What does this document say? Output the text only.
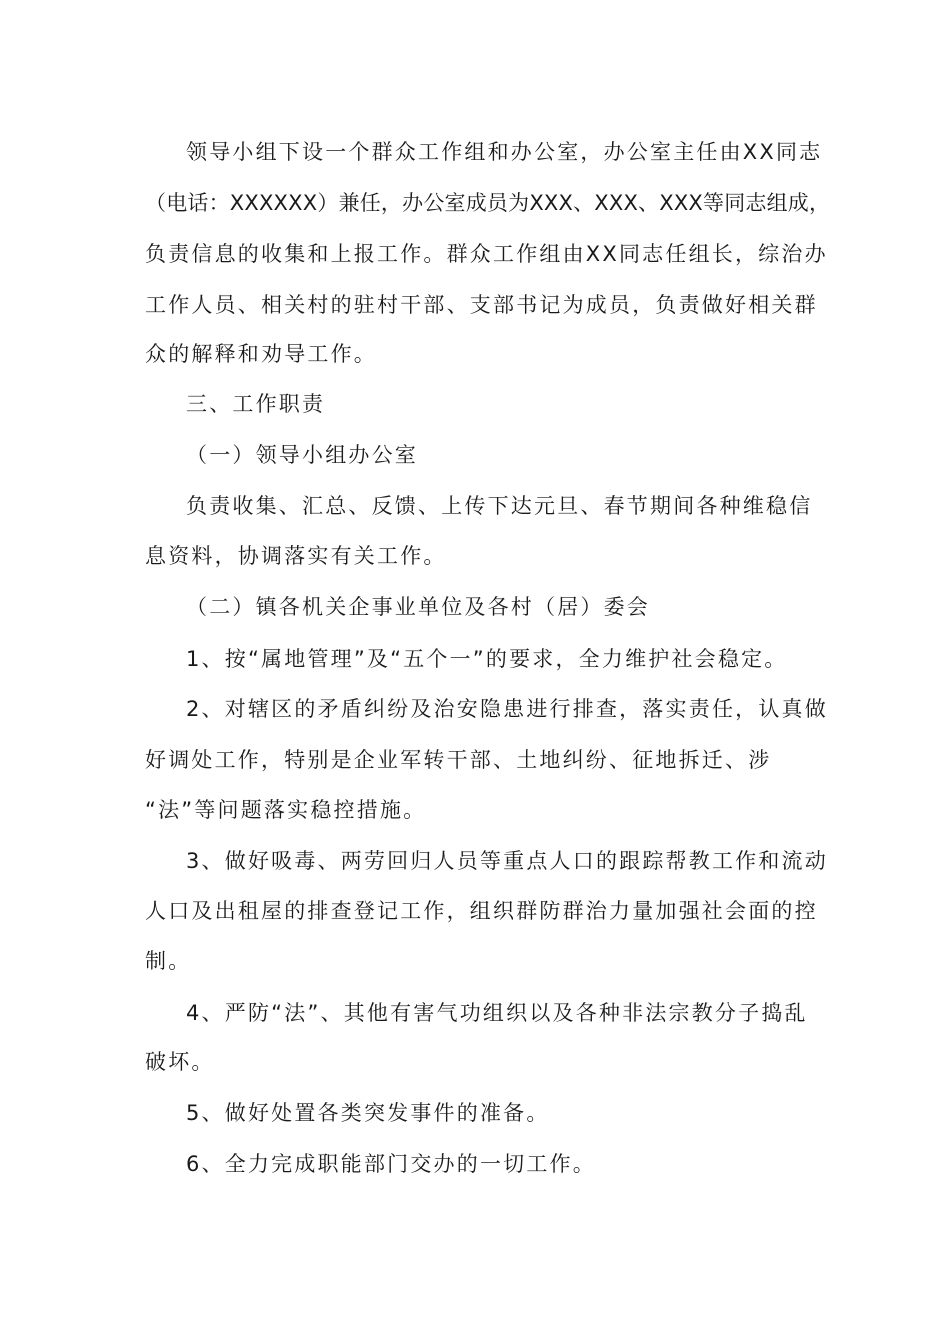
领导小组下设一个群众工作组和办公室，办公室主任由XX同志
（电话：XXXXXX）兼任，办公室成员为XXX、XXX、XXX等同志组成，
负责信息的收集和上报工作。群众工作组由XX同志任组长，综治办
工作人员、相关村的驻村干部、支部书记为成员，负责做好相关群
众的解释和劝导工作。
三、工作职责
（一）领导小组办公室
负责收集、汇总、反馈、上传下达元旦、春节期间各种维稳信
息资料，协调落实有关工作。
（二）镇各机关企事业单位及各村（居）委会
1、按“属地管理”及“五个一”的要求，全力维护社会稳定。
2、对辖区的矛盾纠纷及治安隐患进行排查，落实责任，认真做
好调处工作，特别是企业军转干部、土地纠纷、征地拆迁、涉
“法”等问题落实稳控措施。
3、做好吸毒、两劳回归人员等重点人口的跟踪帮教工作和流动
人口及出租屋的排查登记工作，组织群防群治力量加强社会面的控
制。
4、严防“法”、其他有害气功组织以及各种非法宗教分子捣乱
破坏。
5、做好处置各类突发事件的准备。
6、全力完成职能部门交办的一切工作。
